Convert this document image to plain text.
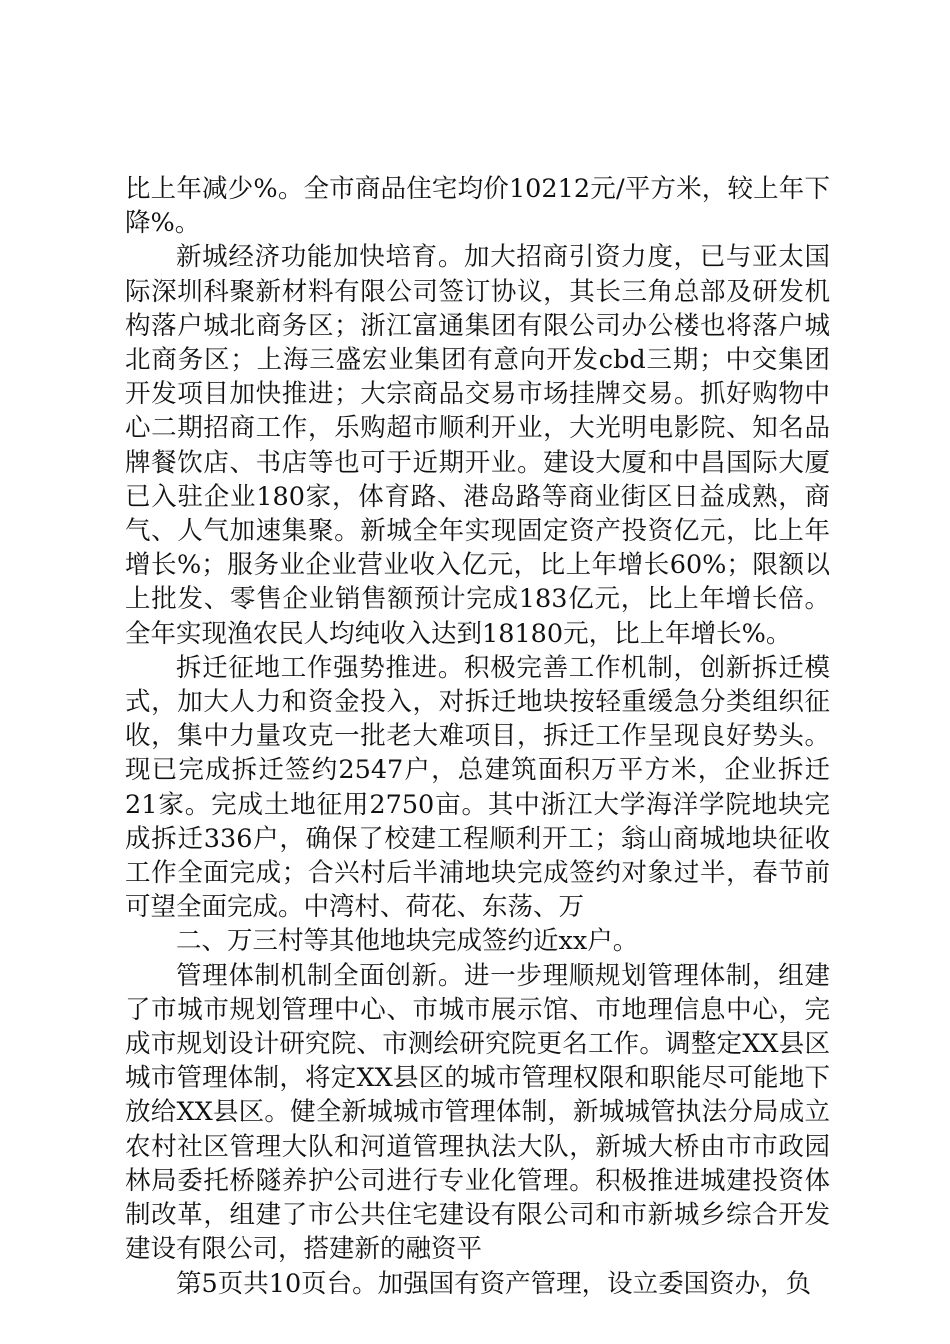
比上年减少%。全市商品住宅均价10212元/平方米，较上年下降%。

新城经济功能加快培育。加大招商引资力度，已与亚太国际深圳科聚新材料有限公司签订协议，其长三角总部及研发机构落户城北商务区；浙江富通集团有限公司办公楼也将落户城北商务区；上海三盛宏业集团有意向开发cbd三期；中交集团开发项目加快推进；大宗商品交易市场挂牌交易。抓好购物中心二期招商工作，乐购超市顺利开业，大光明电影院、知名品牌餐饮店、书店等也可于近期开业。建设大厦和中昌国际大厦已入驻企业180家，体育路、港岛路等商业街区日益成熟，商气、人气加速集聚。新城全年实现固定资产投资亿元，比上年增长%；服务业企业营业收入亿元，比上年增长60%；限额以上批发、零售企业销售额预计完成183亿元，比上年增长倍。全年实现渔农民人均纯收入达到18180元，比上年增长%。

拆迁征地工作强势推进。积极完善工作机制，创新拆迁模式，加大人力和资金投入，对拆迁地块按轻重缓急分类组织征收，集中力量攻克一批老大难项目，拆迁工作呈现良好势头。现已完成拆迁签约2547户，总建筑面积万平方米，企业拆迁21家。完成土地征用2750亩。其中浙江大学海洋学院地块完成拆迁336户，确保了校建工程顺利开工；翁山商城地块征收工作全面完成；合兴村后半浦地块完成签约对象过半，春节前可望全面完成。中湾村、荷花、东荡、万

二、万三村等其他地块完成签约近xx户。

管理体制机制全面创新。进一步理顺规划管理体制，组建了市城市规划管理中心、市城市展示馆、市地理信息中心，完成市规划设计研究院、市测绘研究院更名工作。调整定XX县区城市管理体制，将定XX县区的城市管理权限和职能尽可能地下放给XX县区。健全新城城市管理体制，新城城管执法分局成立农村社区管理大队和河道管理执法大队，新城大桥由市市政园林局委托桥隧养护公司进行专业化管理。积极推进城建投资体制改革，组建了市公共住宅建设有限公司和市新城乡综合开发建设有限公司，搭建新的融资平

第5页共10页台。加强国有资产管理，设立委国资办，负
